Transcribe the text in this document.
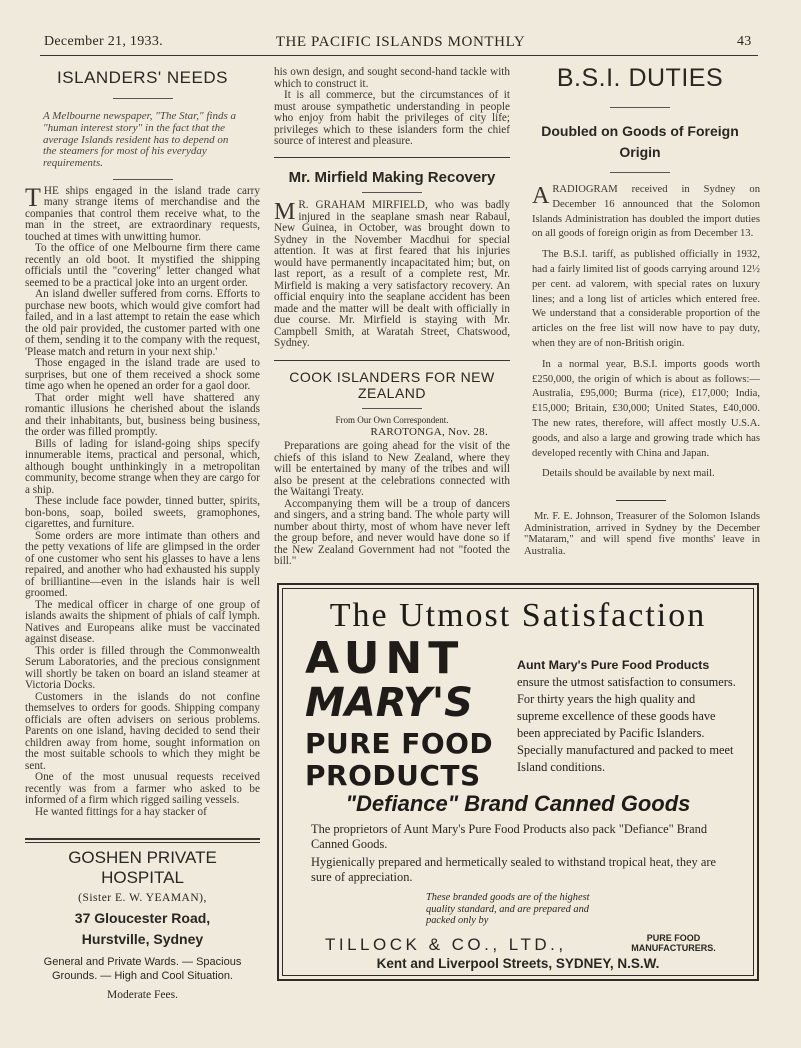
December 21, 1933.	THE PACIFIC ISLANDS MONTHLY	43
ISLANDERS' NEEDS
A Melbourne newspaper, "The Star," finds a "human interest story" in the fact that the average Islands resident has to depend on the steamers for most of his everyday requirements.

THE ships engaged in the island trade carry many strange items of merchandise and the companies that control them receive what, to the man in the street, are extraordinary requests, touched at times with unwitting humor.

To the office of one Melbourne firm there came recently an old boot. It mystified the shipping officials until the "covering" letter changed what seemed to be a practical joke into an urgent order.

An island dweller suffered from corns. Efforts to purchase new boots, which would give comfort had failed, and in a last attempt to retain the ease which the old pair provided, the customer parted with one of them, sending it to the company with the request, 'Please match and return in your next ship.'

Those engaged in the island trade are used to surprises, but one of them received a shock some time ago when he opened an order for a gaol door.

That order might well have shattered any romantic illusions he cherished about the islands and their inhabitants, but, business being business, the order was filled promptly.

Bills of lading for island-going ships specify innumerable items, practical and personal, which, although bought unthinkingly in a metropolitan community, become strange when they are cargo for a ship.

These include face powder, tinned butter, spirits, bon-bons, soap, boiled sweets, gramophones, cigarettes, and furniture.

Some orders are more intimate than others and the petty vexations of life are glimpsed in the order of one customer who sent his glasses to have a lens repaired, and another who had exhausted his supply of brilliantine—even in the islands hair is well groomed.

The medical officer in charge of one group of islands awaits the shipment of phials of calf lymph. Natives and Europeans alike must be vaccinated against disease.

This order is filled through the Commonwealth Serum Laboratories, and the precious consignment will shortly be taken on board an island steamer at Victoria Docks.

Customers in the islands do not confine themselves to orders for goods. Shipping company officials are often advisers on serious problems. Parents on one island, having decided to send their children away from home, sought information on the most suitable schools to which they might be sent.

One of the most unusual requests received recently was from a farmer who asked to be informed of a firm which rigged sailing vessels.

He wanted fittings for a hay stacker of

GOSHEN PRIVATE HOSPITAL
(Sister E. W. YEAMAN),
37 Gloucester Road,
Hurstville, Sydney
General and Private Wards. — Spacious Grounds. — High and Cool Situation.
Moderate Fees.

his own design, and sought second-hand tackle with which to construct it.

It is all commerce, but the circumstances of it must arouse sympathetic understanding in people who enjoy from habit the privileges of city life; privileges which to these islanders form the chief source of interest and pleasure.

Mr. Mirfield Making Recovery

M R. GRAHAM MIRFIELD, who was badly injured in the seaplane smash near Rabaul, New Guinea, in October, was brought down to Sydney in the November Macdhui for special attention. It was at first feared that his injuries would have permanently incapacitated him; but, on last report, as a result of a complete rest, Mr. Mirfield is making a very satisfactory recovery. An official enquiry into the seaplane accident has been made and the matter will be dealt with officially in due course. Mr. Mirfield is staying with Mr. Campbell Smith, at Waratah Street, Chatswood, Sydney.

COOK ISLANDERS FOR NEW ZEALAND
From Our Own Correspondent.
RAROTONGA, Nov. 28.

Preparations are going ahead for the visit of the chiefs of this island to New Zealand, where they will be entertained by many of the tribes and will also be present at the celebrations connected with the Waitangi Treaty.

Accompanying them will be a troup of dancers and singers, and a string band. The whole party will number about thirty, most of whom have never left the group before, and never would have done so if the New Zealand Government had not "footed the bill."

B.S.I. DUTIES
Doubled on Goods of Foreign Origin

ARADIOGRAM received in Sydney on December 16 announced that the Solomon Islands Administration has doubled the import duties on all goods of foreign origin as from December 13.

The B.S.I. tariff, as published officially in 1932, had a fairly limited list of goods carrying around 12½ per cent. ad valorem, with special rates on luxury lines; and a long list of articles which entered free. We understand that a considerable proportion of the articles on the free list will now have to pay duty, when they are of non-British origin.

In a normal year, B.S.I. imports goods worth £250,000, the origin of which is about as follows:—Australia, £95,000; Burma (rice), £17,000; India, £15,000; Britain, £30,000; United States, £40,000. The new rates, therefore, will affect mostly U.S.A. goods, and also a large and growing trade which has developed recently with China and Japan.

Details should be available by next mail.

Mr. F. E. Johnson, Treasurer of the Solomon Islands Administration, arrived in Sydney by the December "Mataram," and will spend five months' leave in Australia.

The Utmost Satisfaction
AUNT
MARY'S
PURE FOOD
PRODUCTS
Aunt Mary's Pure Food Products ensure the utmost satisfaction to consumers. For thirty years the high quality and supreme excellence of these goods have been appreciated by Pacific Islanders. Specially manufactured and packed to meet Island conditions.
"Defiance" Brand Canned Goods
The proprietors of Aunt Mary's Pure Food Products also pack "Defiance" Brand Canned Goods.
Hygienically prepared and hermetically sealed to withstand tropical heat, they are sure of appreciation.
These branded goods are of the highest quality standard, and are prepared and packed only by
TILLOCK & CO., LTD.,	PURE FOOD MANUFACTURERS.
Kent and Liverpool Streets, SYDNEY, N.S.W.
